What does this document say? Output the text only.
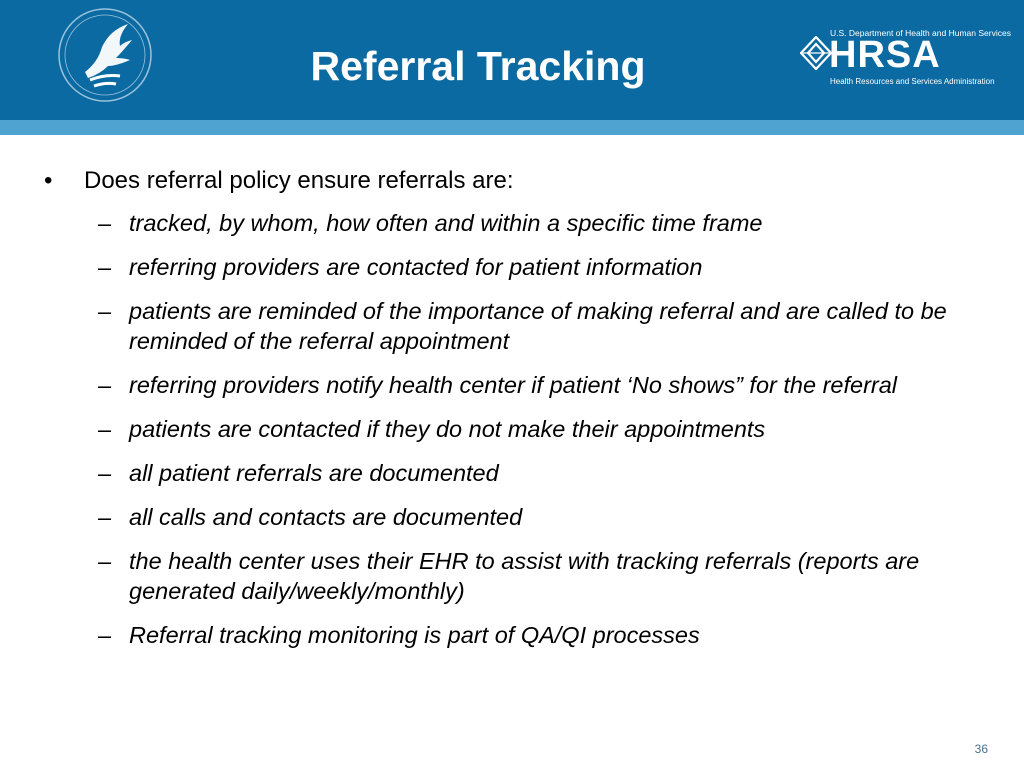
Referral Tracking
U.S. Department of Health and Human Services
HRSA
Health Resources and Services Administration
• Does referral policy ensure referrals are:
– tracked, by whom, how often and within a specific time frame
– referring providers are contacted for patient information
– patients are reminded of the importance of making referral and are called to be reminded of the referral appointment
– referring providers notify health center if patient ‘No shows” for the referral
– patients are contacted if they do not make their appointments
– all patient referrals are documented
– all calls and contacts are documented
– the health center uses their EHR to assist with tracking referrals (reports are generated daily/weekly/monthly)
– Referral tracking monitoring is part of QA/QI processes
36
